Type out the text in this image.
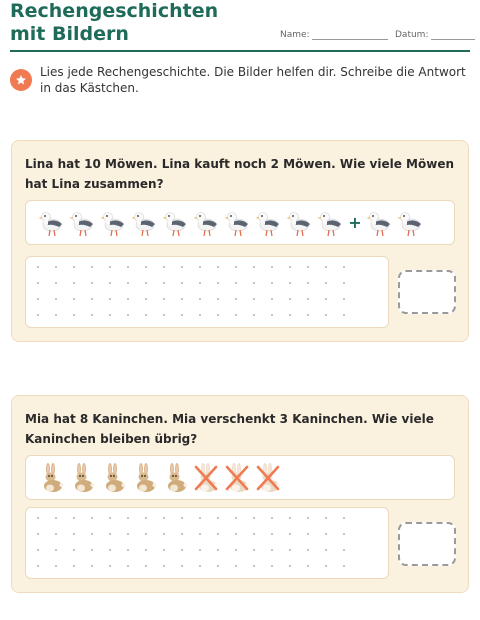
Rechengeschichten mit Bildern	Name:	Datum:
Lies jede Rechengeschichte. Die Bilder helfen dir. Schreibe die Antwort in das Kästchen.
Lina hat 10 Möwen. Lina kauft noch 2 Möwen. Wie viele Möwen hat Lina zusammen?
+
Mia hat 8 Kaninchen. Mia verschenkt 3 Kaninchen. Wie viele Kaninchen bleiben übrig?
